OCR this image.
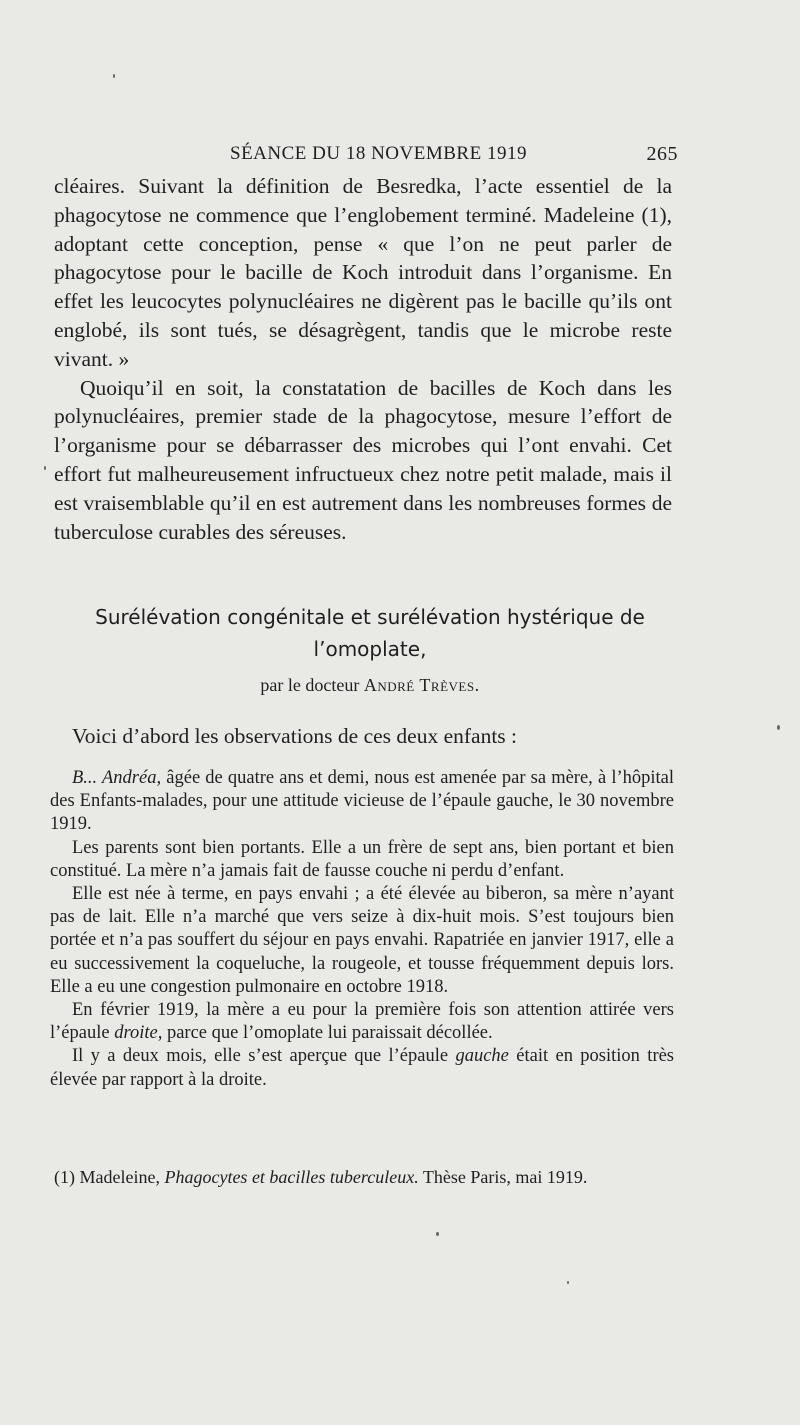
SÉANCE DU 18 NOVEMBRE 1919	265

cléaires. Suivant la définition de Besredka, l’acte essentiel de la phagocytose ne commence que l’englobement terminé. Madeleine (1), adoptant cette conception, pense « que l’on ne peut parler de phagocytose pour le bacille de Koch introduit dans l’organisme. En effet les leucocytes polynucléaires ne digèrent pas le bacille qu’ils ont englobé, ils sont tués, se désagrègent, tandis que le microbe reste vivant. »

Quoiqu’il en soit, la constatation de bacilles de Koch dans les polynucléaires, premier stade de la phagocytose, mesure l’effort de l’organisme pour se débarrasser des microbes qui l’ont envahi. Cet effort fut malheureusement infructueux chez notre petit malade, mais il est vraisemblable qu’il en est autrement dans les nombreuses formes de tuberculose curables des séreuses.

Surélévation congénitale et surélévation hystérique de
l’omoplate,
par le docteur André Trèves.
Voici d’abord les observations de ces deux enfants :

B... Andréa, âgée de quatre ans et demi, nous est amenée par sa mère, à l’hôpital des Enfants-malades, pour une attitude vicieuse de l’épaule gauche, le 30 novembre 1919.

Les parents sont bien portants. Elle a un frère de sept ans, bien portant et bien constitué. La mère n’a jamais fait de fausse couche ni perdu d’enfant.

Elle est née à terme, en pays envahi ; a été élevée au biberon, sa mère n’ayant pas de lait. Elle n’a marché que vers seize à dix-huit mois. S’est toujours bien portée et n’a pas souffert du séjour en pays envahi. Rapatriée en janvier 1917, elle a eu successivement la coqueluche, la rougeole, et tousse fréquemment depuis lors. Elle a eu une congestion pulmonaire en octobre 1918.

En février 1919, la mère a eu pour la première fois son attention attirée vers l’épaule droite, parce que l’omoplate lui paraissait décollée.

Il y a deux mois, elle s’est aperçue que l’épaule gauche était en position très élevée par rapport à la droite.

(1) Madeleine, Phagocytes et bacilles tuberculeux. Thèse Paris, mai 1919.
